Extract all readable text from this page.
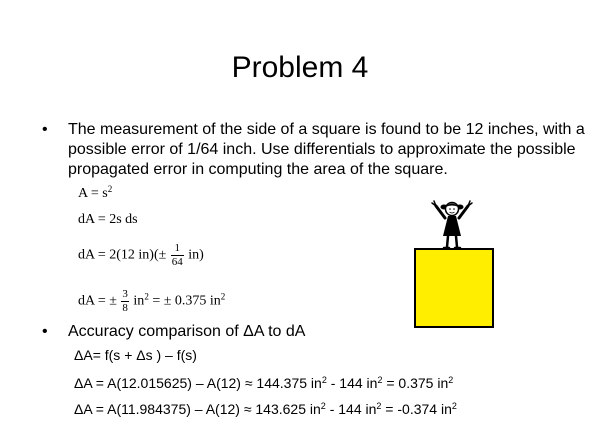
Problem 4
• The measurement of the side of a square is found to be 12 inches, with a possible error of 1/64 inch. Use differentials to approximate the possible propagated error in computing the area of the square.
$A = s^2$
dA = 2s ds
dA = 2(12 $in)(\pm \frac{1}{64} in)$
dA = ± $\frac{3}{8} in^2$ = ± 0.375 $in^2$
• Accuracy comparison of ΔA to dA
ΔA= f(s + Δs ) – f(s)
ΔA = A(12.015625) – A(12) ≈ 144.375 $in^2 - 144$ $in^2 = 0.375$ $in^2$
ΔA = A(11.984375) – A(12) ≈ 143.625 $in^2 - 144$ $in^2 = -0.374$ $in^2$
